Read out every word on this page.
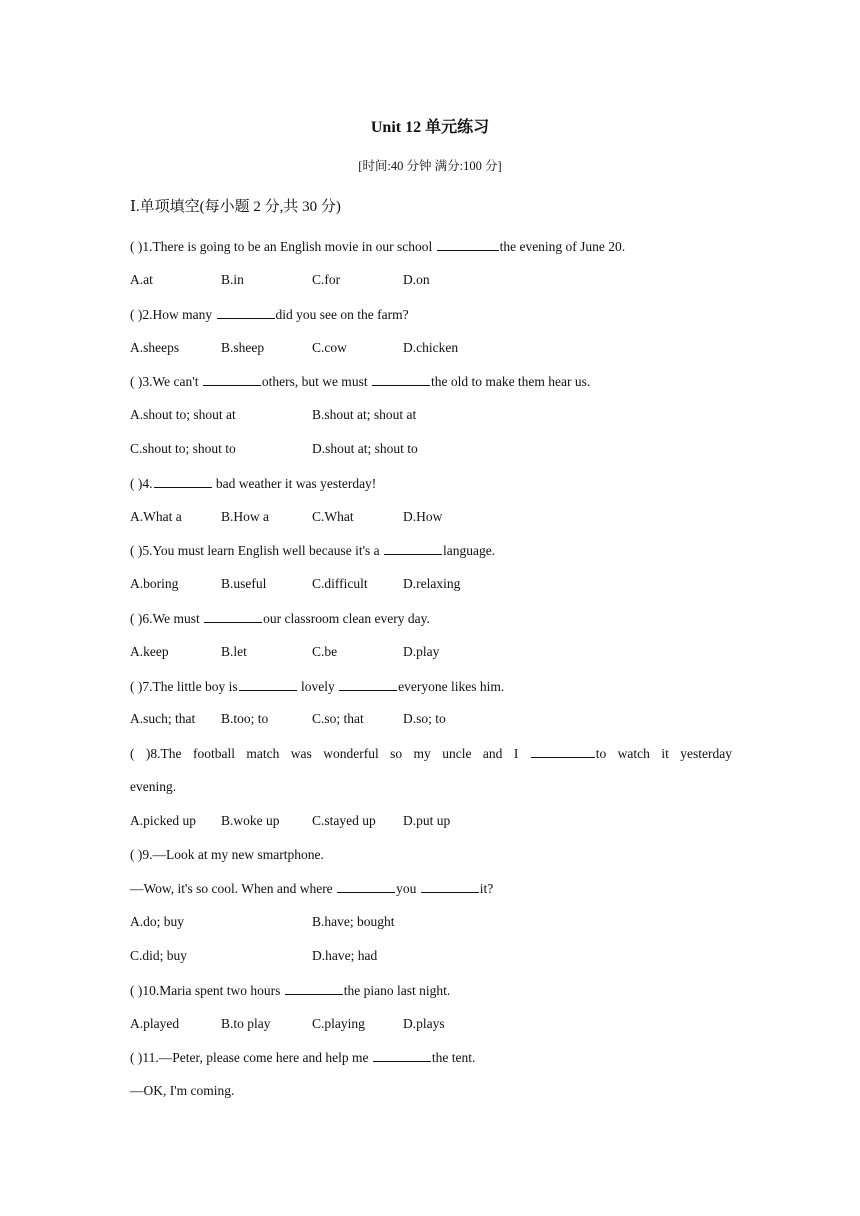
Unit 12 单元练习
[时间:40 分钟 满分:100 分]
Ⅰ.单项填空(每小题 2 分,共 30 分)
( )1.There is going to be an English movie in our school	the evening of June 20.
A.at	B.in	C.for	D.on
( )2.How many	did you see on the farm?
A.sheeps	B.sheep	C.cow	D.chicken
( )3.We can't	others, but we must	the old to make them hear us.
A.shout to; shout at	B.shout at; shout at
C.shout to; shout to	D.shout at; shout to
( )4.	bad weather it was yesterday!
A.What a	B.How a	C.What	D.How
( )5.You must learn English well because it's a	language.
A.boring	B.useful	C.difficult	D.relaxing
( )6.We must	our classroom clean every day.
A.keep	B.let	C.be	D.play
( )7.The little boy is	lovely	everyone likes him.
A.such; that B.too; to	C.so; that	D.so; to
( )8.The football match was wonderful so my uncle and I	to watch it yesterday
evening.
A.picked up B.woke up C.stayed up D.put up
( )9.—Look at my new smartphone.
—Wow, it's so cool. When and where	you	it?
A.do; buy	B.have; bought
C.did; buy	D.have; had
( )10.Maria spent two hours	the piano last night.
A.played	B.to play	C.playing	D.plays
( )11.—Peter, please come here and help me	the tent.
—OK, I'm coming.
